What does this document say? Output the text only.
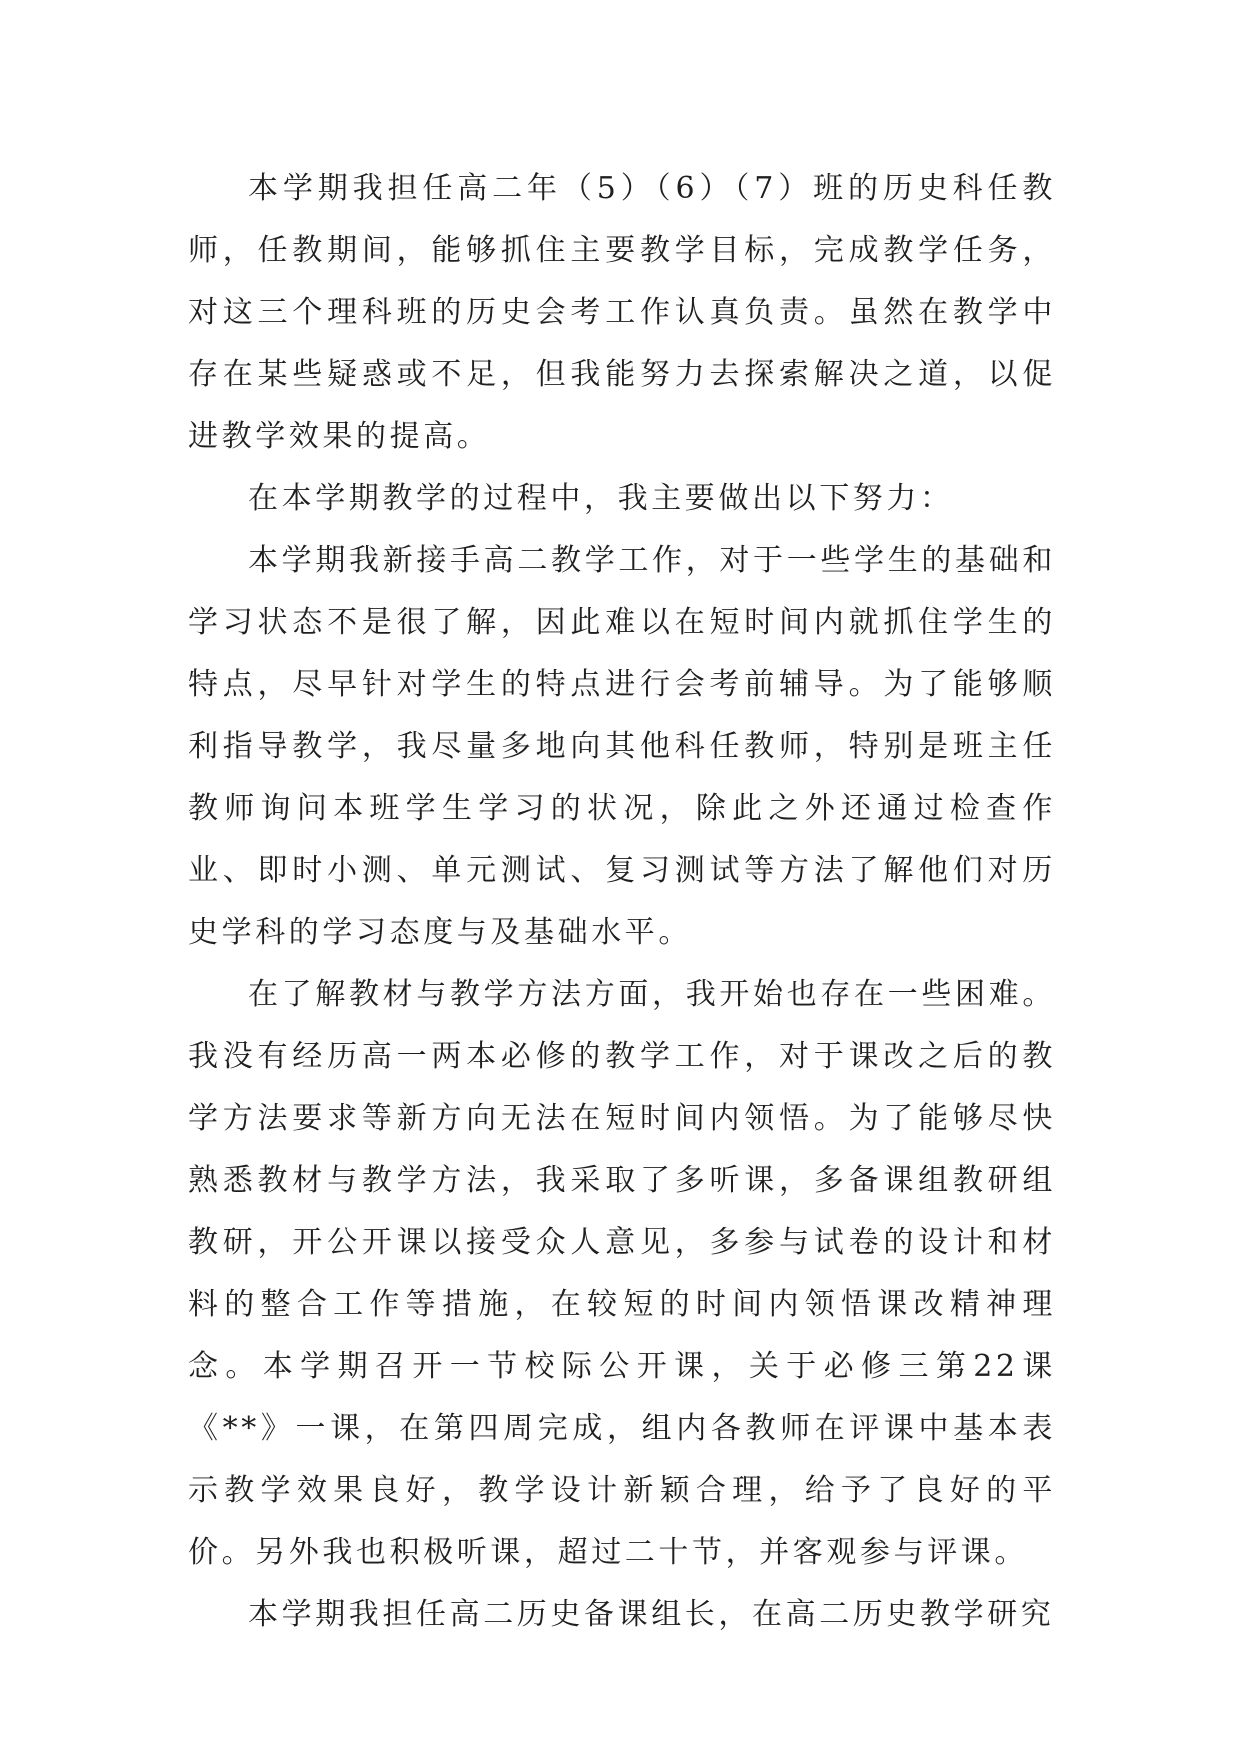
本学期我担任高二年（5）（6）（7）班的历史科任教师，任教期间，能够抓住主要教学目标，完成教学任务，对这三个理科班的历史会考工作认真负责。虽然在教学中存在某些疑惑或不足，但我能努力去探索解决之道，以促进教学效果的提高。

在本学期教学的过程中，我主要做出以下努力：

本学期我新接手高二教学工作，对于一些学生的基础和学习状态不是很了解，因此难以在短时间内就抓住学生的特点，尽早针对学生的特点进行会考前辅导。为了能够顺利指导教学，我尽量多地向其他科任教师，特别是班主任教师询问本班学生学习的状况，除此之外还通过检查作业、即时小测、单元测试、复习测试等方法了解他们对历史学科的学习态度与及基础水平。

在了解教材与教学方法方面，我开始也存在一些困难。我没有经历高一两本必修的教学工作，对于课改之后的教学方法要求等新方向无法在短时间内领悟。为了能够尽快熟悉教材与教学方法，我采取了多听课，多备课组教研组教研，开公开课以接受众人意见，多参与试卷的设计和材料的整合工作等措施，在较短的时间内领悟课改精神理念。本学期召开一节校际公开课，关于必修三第22课《**》一课，在第四周完成，组内各教师在评课中基本表示教学效果良好，教学设计新颖合理，给予了良好的平价。另外我也积极听课，超过二十节，并客观参与评课。

本学期我担任高二历史备课组长，在高二历史教学研究
